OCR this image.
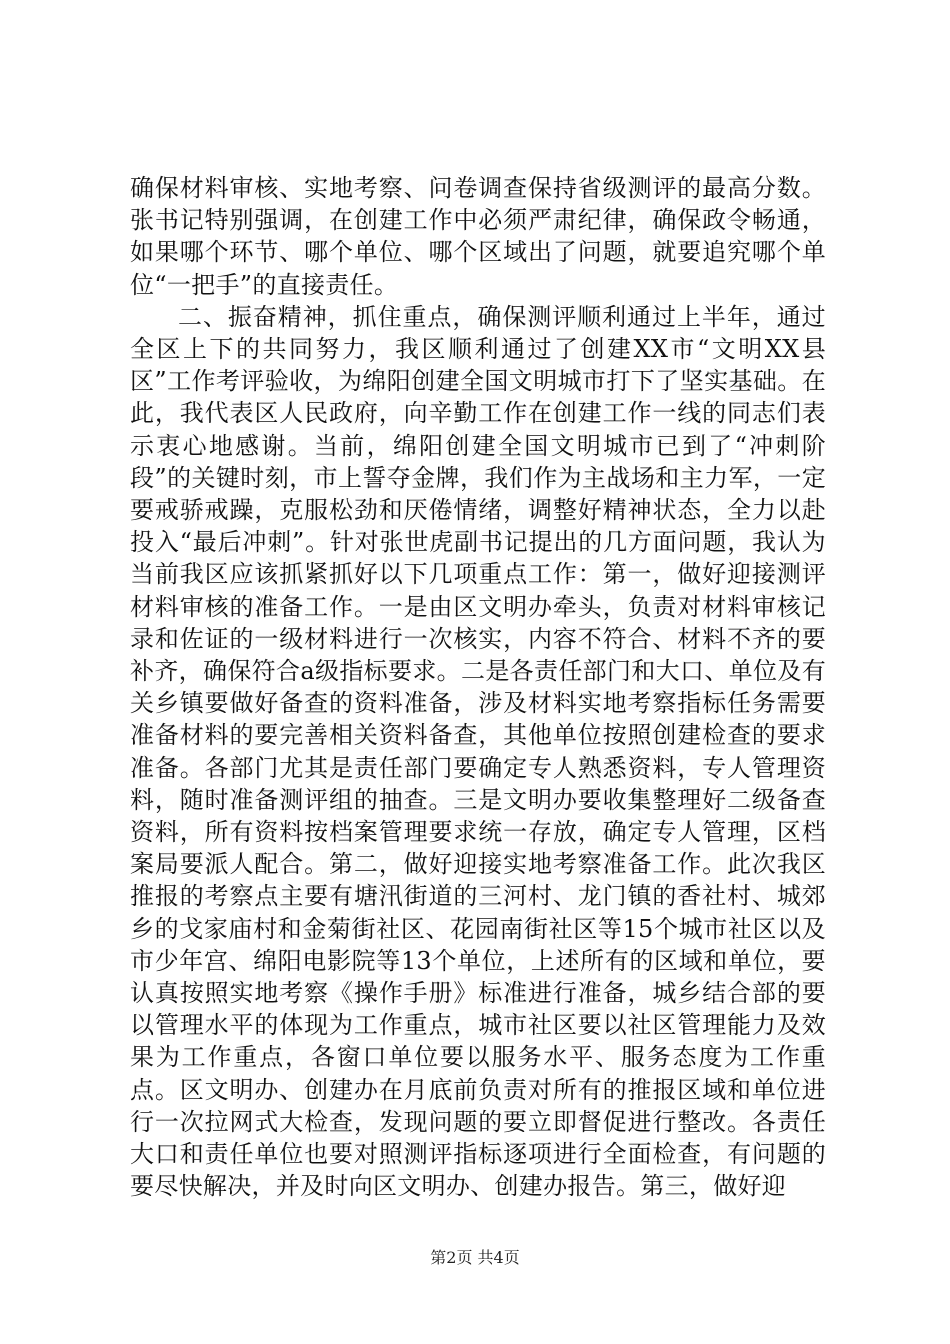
确保材料审核、实地考察、问卷调查保持省级测评的最高分数。张书记特别强调，在创建工作中必须严肃纪律，确保政令畅通，如果哪个环节、哪个单位、哪个区域出了问题，就要追究哪个单位“一把手”的直接责任。

二、振奋精神，抓住重点，确保测评顺利通过上半年，通过全区上下的共同努力，我区顺利通过了创建XX市“文明XX县区”工作考评验收，为绵阳创建全国文明城市打下了坚实基础。在此，我代表区人民政府，向辛勤工作在创建工作一线的同志们表示衷心地感谢。当前，绵阳创建全国文明城市已到了“冲刺阶段”的关键时刻，市上誓夺金牌，我们作为主战场和主力军，一定要戒骄戒躁，克服松劲和厌倦情绪，调整好精神状态，全力以赴投入“最后冲刺”。针对张世虎副书记提出的几方面问题，我认为当前我区应该抓紧抓好以下几项重点工作：第一，做好迎接测评材料审核的准备工作。一是由区文明办牵头，负责对材料审核记录和佐证的一级材料进行一次核实，内容不符合、材料不齐的要补齐，确保符合a级指标要求。二是各责任部门和大口、单位及有关乡镇要做好备查的资料准备，涉及材料实地考察指标任务需要准备材料的要完善相关资料备查，其他单位按照创建检查的要求准备。各部门尤其是责任部门要确定专人熟悉资料，专人管理资料，随时准备测评组的抽查。三是文明办要收集整理好二级备查资料，所有资料按档案管理要求统一存放，确定专人管理，区档案局要派人配合。第二，做好迎接实地考察准备工作。此次我区推报的考察点主要有塘汛街道的三河村、龙门镇的香社村、城郊乡的戈家庙村和金菊街社区、花园南街社区等15个城市社区以及市少年宫、绵阳电影院等13个单位，上述所有的区域和单位，要认真按照实地考察《操作手册》标准进行准备，城乡结合部的要以管理水平的体现为工作重点，城市社区要以社区管理能力及效果为工作重点，各窗口单位要以服务水平、服务态度为工作重点。区文明办、创建办在月底前负责对所有的推报区域和单位进行一次拉网式大检查，发现问题的要立即督促进行整改。各责任大口和责任单位也要对照测评指标逐项进行全面检查，有问题的要尽快解决，并及时向区文明办、创建办报告。第三，做好迎

第2页 共4页
